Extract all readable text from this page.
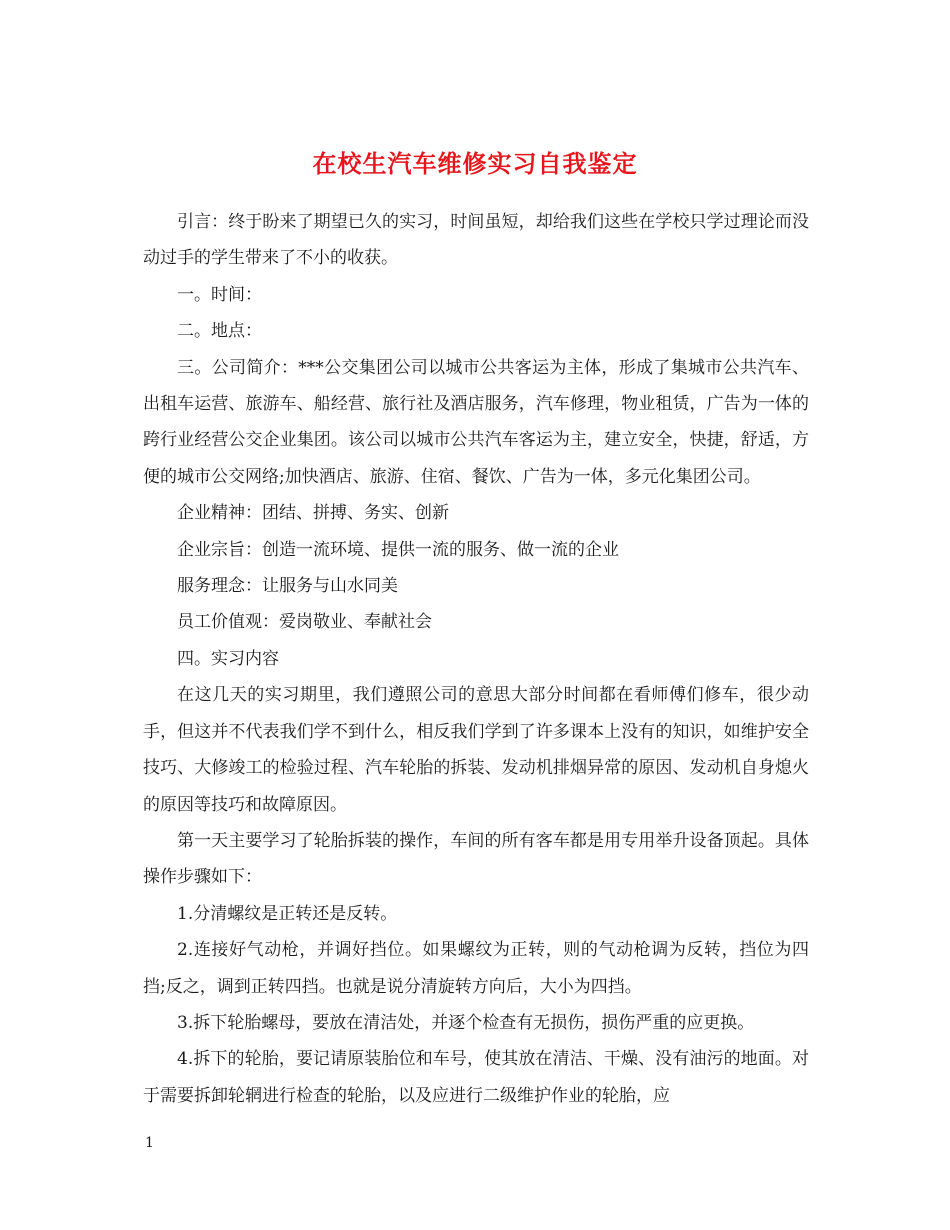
在校生汽车维修实习自我鉴定

引言：终于盼来了期望已久的实习，时间虽短，却给我们这些在学校只学过理论而没动过手的学生带来了不小的收获。

一。时间：

二。地点：

三。公司简介：***公交集团公司以城市公共客运为主体，形成了集城市公共汽车、出租车运营、旅游车、船经营、旅行社及酒店服务，汽车修理，物业租赁，广告为一体的跨行业经营公交企业集团。该公司以城市公共汽车客运为主，建立安全，快捷，舒适，方便的城市公交网络;加快酒店、旅游、住宿、餐饮、广告为一体，多元化集团公司。

企业精神：团结、拼搏、务实、创新

企业宗旨：创造一流环境、提供一流的服务、做一流的企业

服务理念：让服务与山水同美

员工价值观：爱岗敬业、奉献社会

四。实习内容

在这几天的实习期里，我们遵照公司的意思大部分时间都在看师傅们修车，很少动手，但这并不代表我们学不到什么，相反我们学到了许多课本上没有的知识，如维护安全技巧、大修竣工的检验过程、汽车轮胎的拆装、发动机排烟异常的原因、发动机自身熄火的原因等技巧和故障原因。

第一天主要学习了轮胎拆装的操作，车间的所有客车都是用专用举升设备顶起。具体操作步骤如下：

1.分清螺纹是正转还是反转。

2.连接好气动枪，并调好挡位。如果螺纹为正转，则的气动枪调为反转，挡位为四挡;反之，调到正转四挡。也就是说分清旋转方向后，大小为四挡。

3.拆下轮胎螺母，要放在清洁处，并逐个检查有无损伤，损伤严重的应更换。

4.拆下的轮胎，要记请原装胎位和车号，使其放在清洁、干燥、没有油污的地面。对于需要拆卸轮辋进行检查的轮胎，以及应进行二级维护作业的轮胎，应

1
